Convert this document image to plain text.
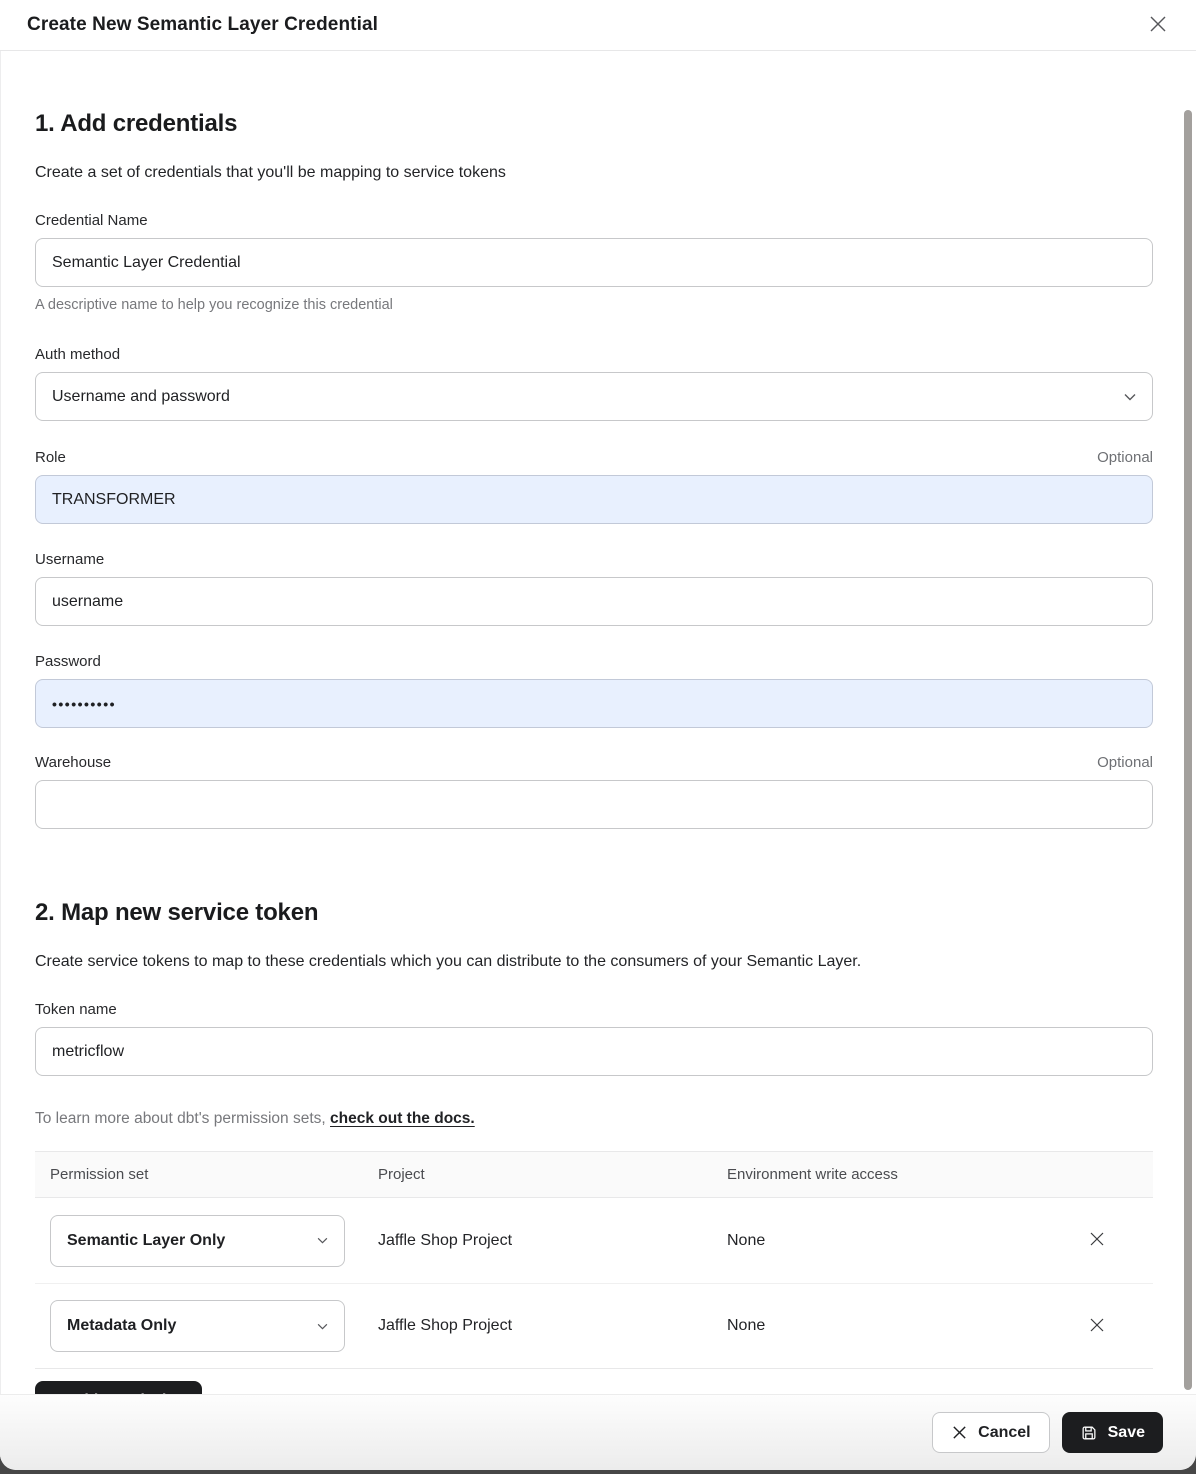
Create New Semantic Layer Credential
1. Add credentials
Create a set of credentials that you'll be mapping to service tokens
Credential Name
Semantic Layer Credential
A descriptive name to help you recognize this credential
Auth method
Username and password
Role	Optional
TRANSFORMER
Username
username
Password
••••••••••
Warehouse	Optional
2. Map new service token
Create service tokens to map to these credentials which you can distribute to the consumers of your Semantic Layer.
Token name
metricflow
To learn more about dbt's permission sets, check out the docs.
Permission set	Project	Environment write access
Semantic Layer Only	Jaffle Shop Project	None
Metadata Only	Jaffle Shop Project	None
Cancel	Save
